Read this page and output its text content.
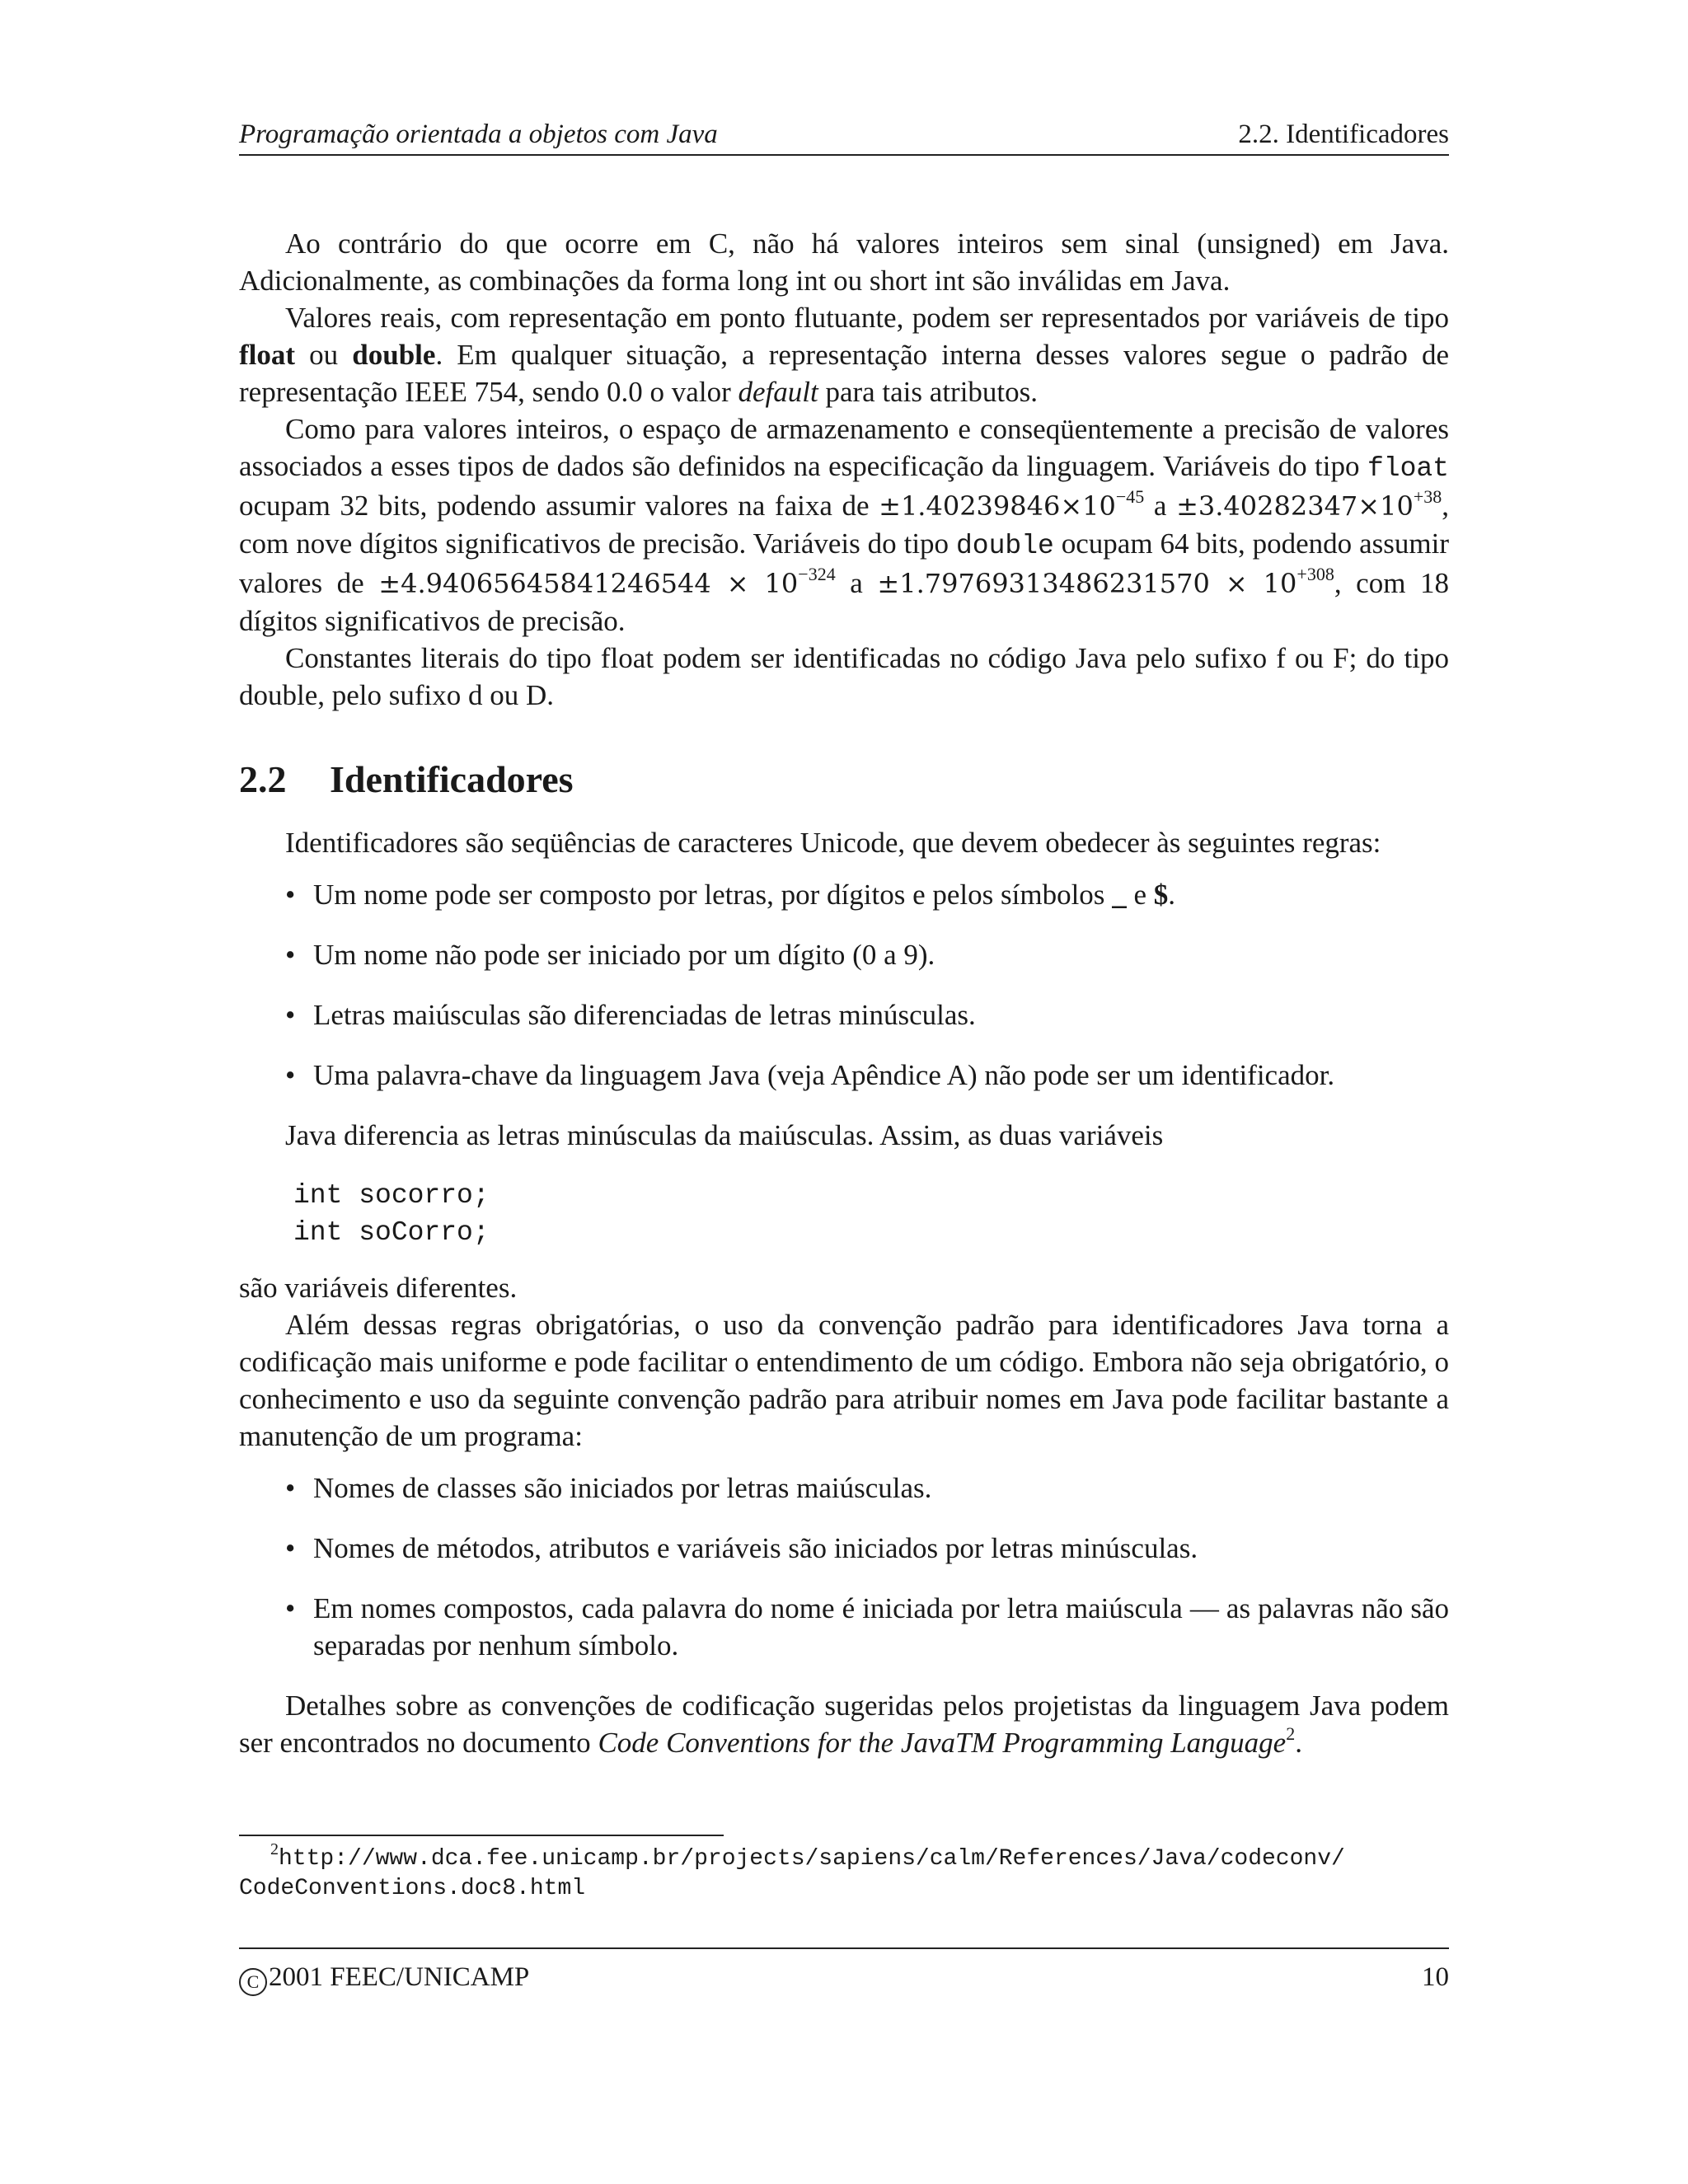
Programação orientada a objetos com Java	2.2. Identificadores

Ao contrário do que ocorre em C, não há valores inteiros sem sinal (unsigned) em Java. Adicionalmente, as combinações da forma long int ou short int são inválidas em Java.

Valores reais, com representação em ponto flutuante, podem ser representados por variáveis de tipo float ou double. Em qualquer situação, a representação interna desses valores segue o padrão de representação IEEE 754, sendo 0.0 o valor default para tais atributos.

Como para valores inteiros, o espaço de armazenamento e conseqüentemente a precisão de valores associados a esses tipos de dados são definidos na especificação da linguagem. Variáveis do tipo float ocupam 32 bits, podendo assumir valores na faixa de $\pm 1.40239846\times 10^{-45}$ $a \pm 3.40282347\times 10^{+38}$, com nove dígitos significativos de precisão. Variáveis do tipo double ocupam 64 bits, podendo assumir valores de $\pm 4.94065645841246544 \times 10^{-324}$ $a \pm 1.79769313486231570 \times 10^{+308}$, com 18 dígitos significativos de precisão.

Constantes literais do tipo float podem ser identificadas no código Java pelo sufixo f ou F; do tipo double, pelo sufixo d ou D.

2.2 Identificadores

Identificadores são seqüências de caracteres Unicode, que devem obedecer às seguintes regras:

• Um nome pode ser composto por letras, por dígitos e pelos símbolos _ e $.
• Um nome não pode ser iniciado por um dígito (0 a 9).
• Letras maiúsculas são diferenciadas de letras minúsculas.
• Uma palavra-chave da linguagem Java (veja Apêndice A) não pode ser um identificador.

Java diferencia as letras minúsculas da maiúsculas. Assim, as duas variáveis

int socorro;
int soCorro;

são variáveis diferentes.

Além dessas regras obrigatórias, o uso da convenção padrão para identificadores Java torna a codificação mais uniforme e pode facilitar o entendimento de um código. Embora não seja obrigatório, o conhecimento e uso da seguinte convenção padrão para atribuir nomes em Java pode facilitar bastante a manutenção de um programa:

• Nomes de classes são iniciados por letras maiúsculas.
• Nomes de métodos, atributos e variáveis são iniciados por letras minúsculas.
• Em nomes compostos, cada palavra do nome é iniciada por letra maiúscula — as palavras não são separadas por nenhum símbolo.

Detalhes sobre as convenções de codificação sugeridas pelos projetistas da linguagem Java podem ser encontrados no documento Code Conventions for the JavaTM Programming Language$^2$.

$^2$http://www.dca.fee.unicamp.br/projects/sapiens/calm/References/Java/codeconv/
CodeConventions.doc8.html
C 2001 FEEC/UNICAMP	10
